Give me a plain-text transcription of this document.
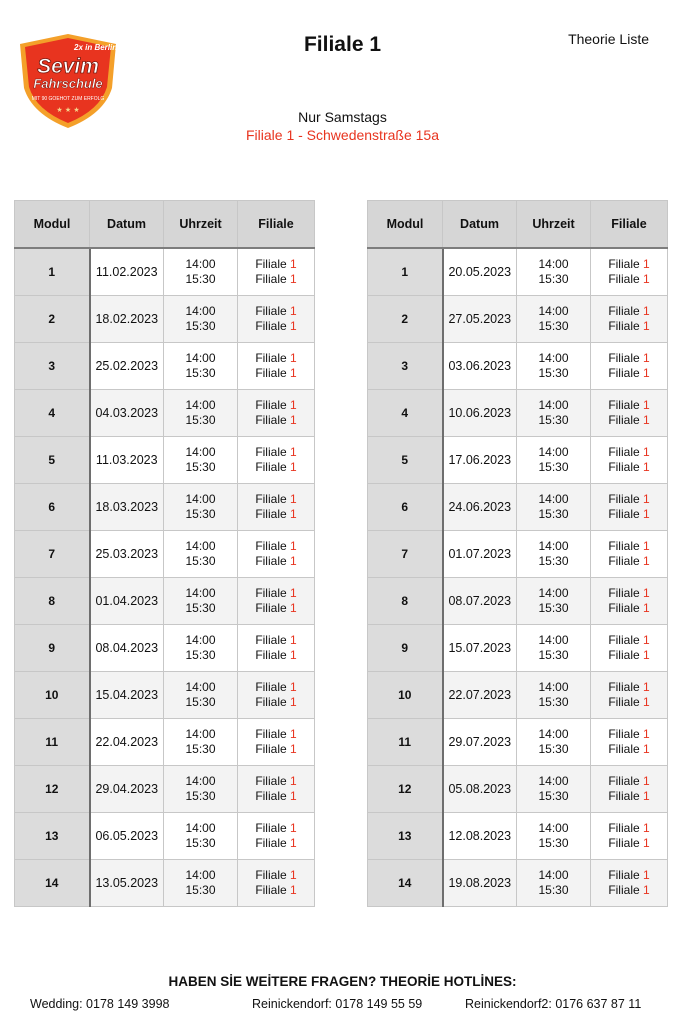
2x in Berlin
Sevim
Fahrschule
MIT 90 GOEHOT ZUM ERFOLG
★ ★ ★
Filiale 1	Theorie Liste
Nur Samstags
Filiale 1 - Schwedenstraße 15a
Modul	Datum	Uhrzeit	Filiale
1	11.02.2023	14:00
15:30	Filiale 1
Filiale 1

2	18.02.2023	14:00
15:30	Filiale 1
Filiale 1

3	25.02.2023	14:00
15:30	Filiale 1
Filiale 1

4	04.03.2023	14:00
15:30	Filiale 1
Filiale 1

5	11.03.2023	14:00
15:30	Filiale 1
Filiale 1

6	18.03.2023	14:00
15:30	Filiale 1
Filiale 1

7	25.03.2023	14:00
15:30	Filiale 1
Filiale 1

8	01.04.2023	14:00
15:30	Filiale 1
Filiale 1

9	08.04.2023	14:00
15:30	Filiale 1
Filiale 1

10	15.04.2023	14:00
15:30	Filiale 1
Filiale 1

11	22.04.2023	14:00
15:30	Filiale 1
Filiale 1

12	29.04.2023	14:00
15:30	Filiale 1
Filiale 1

13	06.05.2023	14:00
15:30	Filiale 1
Filiale 1

14	13.05.2023	14:00
15:30	Filiale 1
Filiale 1
Modul	Datum	Uhrzeit	Filiale
1	20.05.2023	14:00
15:30	Filiale 1
Filiale 1

2	27.05.2023	14:00
15:30	Filiale 1
Filiale 1

3	03.06.2023	14:00
15:30	Filiale 1
Filiale 1

4	10.06.2023	14:00
15:30	Filiale 1
Filiale 1

5	17.06.2023	14:00
15:30	Filiale 1
Filiale 1

6	24.06.2023	14:00
15:30	Filiale 1
Filiale 1

7	01.07.2023	14:00
15:30	Filiale 1
Filiale 1

8	08.07.2023	14:00
15:30	Filiale 1
Filiale 1

9	15.07.2023	14:00
15:30	Filiale 1
Filiale 1

10	22.07.2023	14:00
15:30	Filiale 1
Filiale 1

11	29.07.2023	14:00
15:30	Filiale 1
Filiale 1

12	05.08.2023	14:00
15:30	Filiale 1
Filiale 1

13	12.08.2023	14:00
15:30	Filiale 1
Filiale 1

14	19.08.2023	14:00
15:30	Filiale 1
Filiale 1
HABEN SİE WEİTERE FRAGEN? THEORİE HOTLİNES:
Wedding: 0178 149 3998	Reinickendorf: 0178 149 55 59	Reinickendorf2: 0176 637 87 11
